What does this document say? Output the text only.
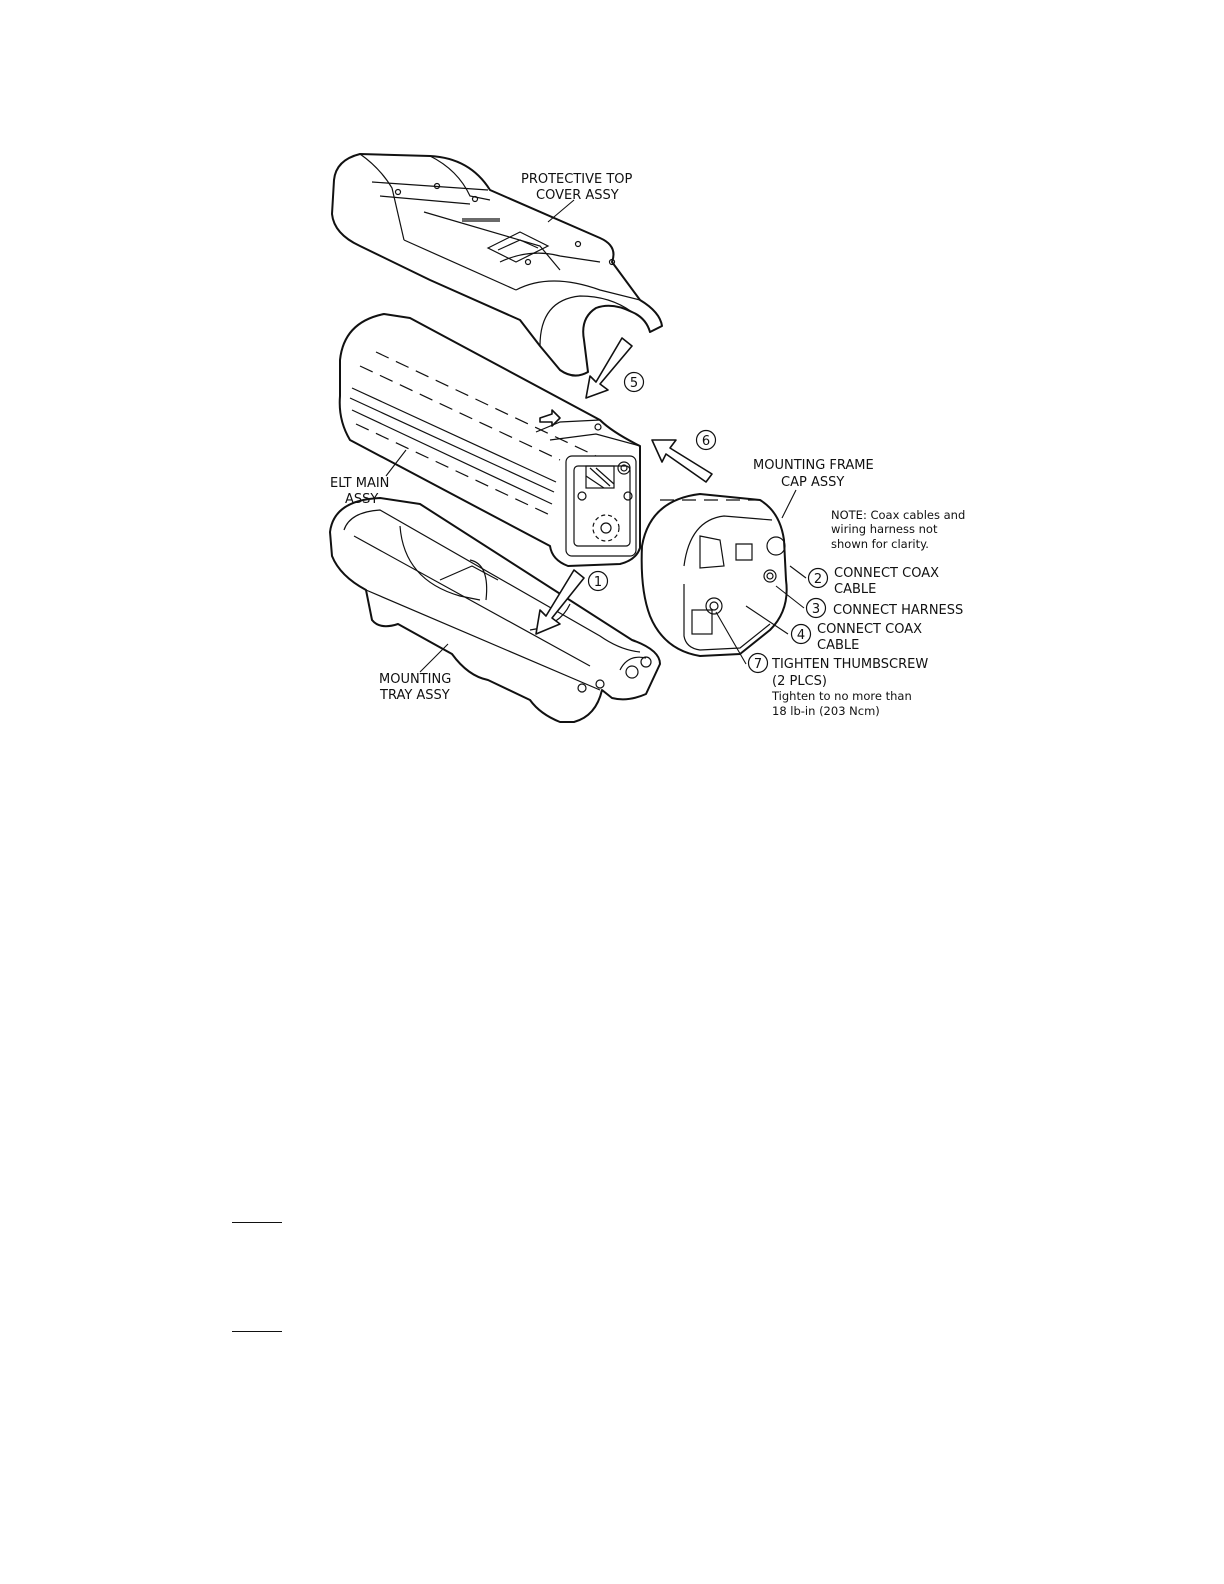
PROTECTIVE TOP COVER ASSY
ELT MAIN ASSY
MOUNTING FRAME CAP ASSY
MOUNTING TRAY ASSY
NOTE: Coax cables and wiring harness not shown for clarity.
1
5
6
2 CONNECT COAX CABLE
3 CONNECT HARNESS
4 CONNECT COAX CABLE
7 TIGHTEN THUMBSCREW (2 PLCS)
Tighten to no more than 18 lb-in (203 Ncm)
